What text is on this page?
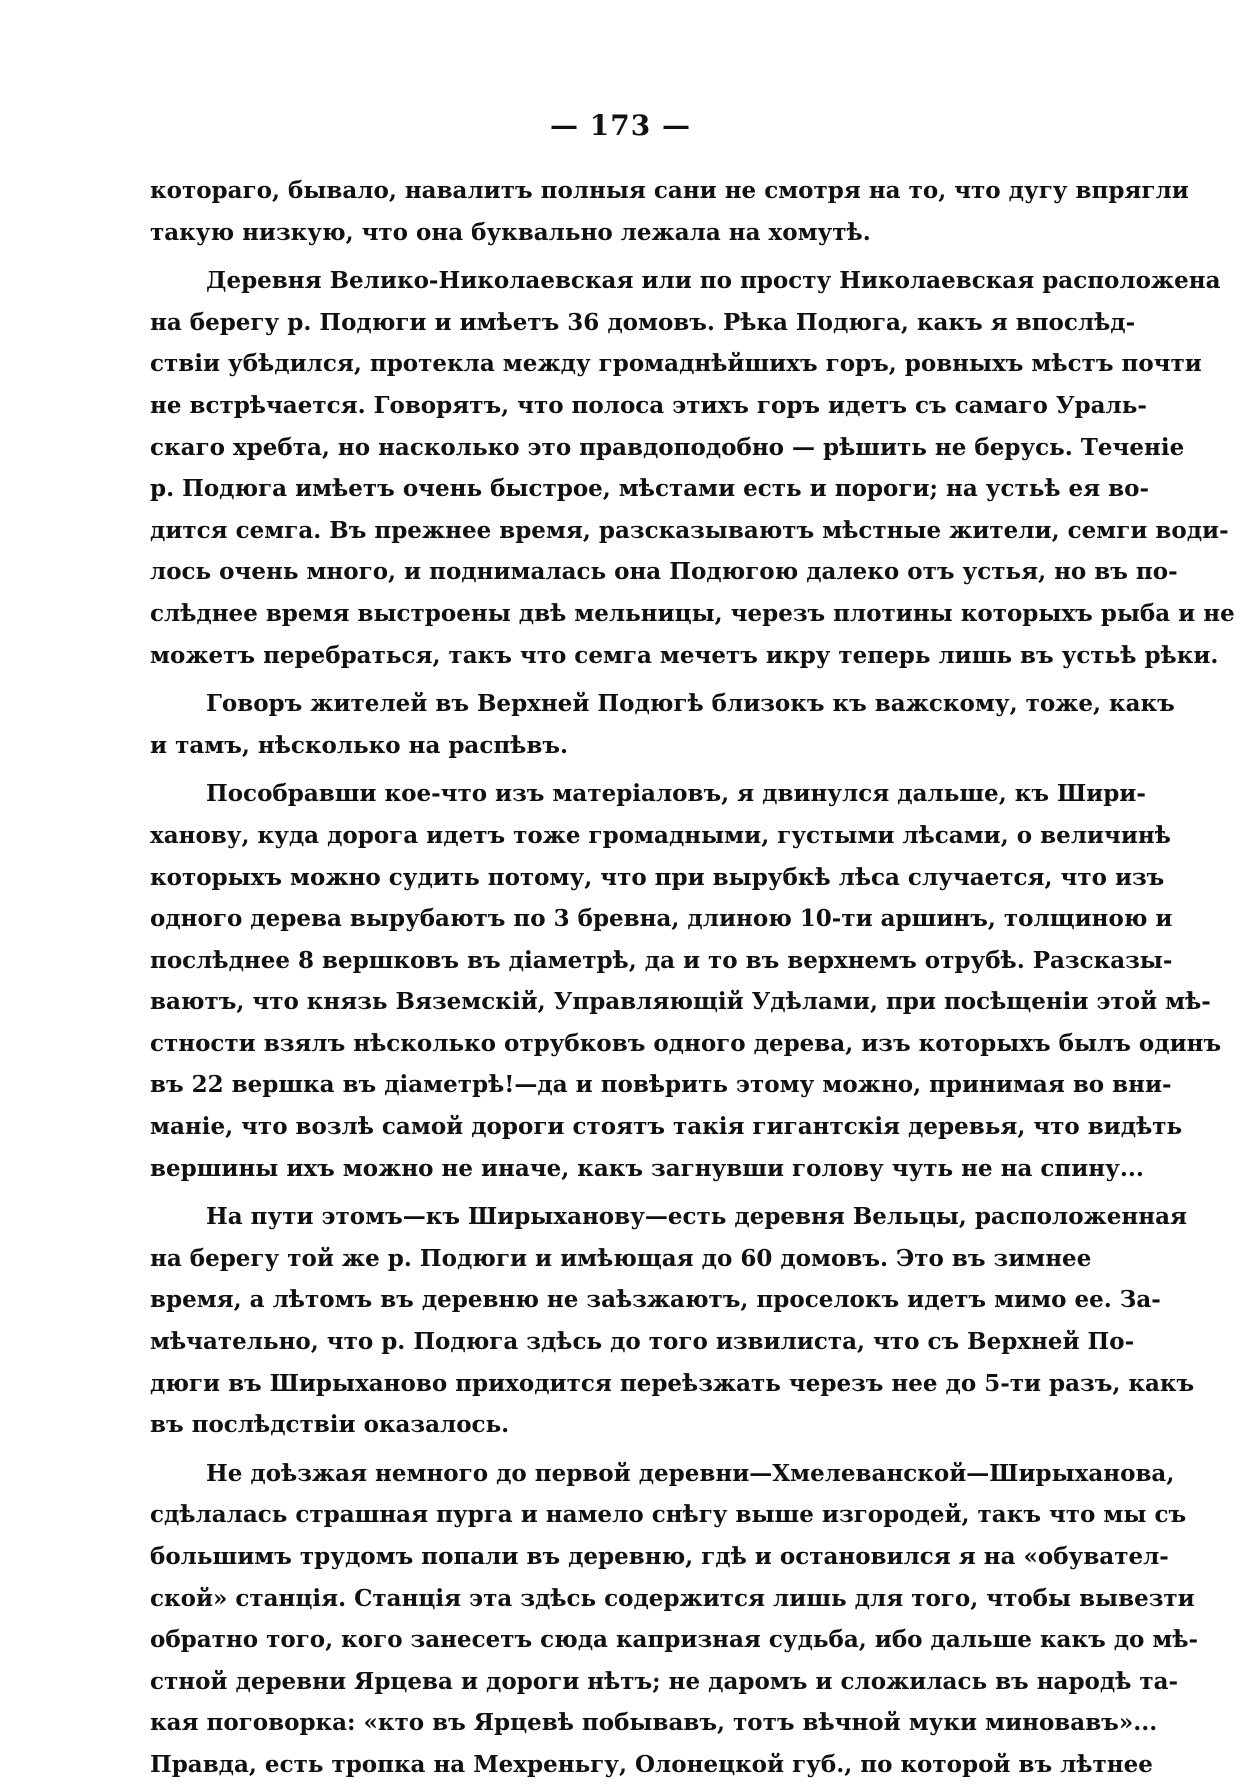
— 173 —
котораго, бывало, навалитъ полныя сани не смотря на то, что дугу впрягли
такую низкую, что она буквально лежала на хомутѣ.
Деревня Велико-Николаевская или по просту Николаевская расположена
на берегу р. Подюги и имѣетъ 36 домовъ. Рѣка Подюга, какъ я впослѣд-
ствіи убѣдился, протекла между громаднѣйшихъ горъ, ровныхъ мѣстъ почти
не встрѣчается. Говорятъ, что полоса этихъ горъ идетъ съ самаго Ураль-
скаго хребта, но насколько это правдоподобно — рѣшить не берусь. Теченіе
р. Подюга имѣетъ очень быстрое, мѣстами есть и пороги; на устьѣ ея во-
дится семга. Въ прежнее время, разсказываютъ мѣстные жители, семги води-
лось очень много, и поднималась она Подюгою далеко отъ устья, но въ по-
слѣднее время выстроены двѣ мельницы, черезъ плотины которыхъ рыба и не
можетъ перебраться, такъ что семга мечетъ икру теперь лишь въ устьѣ рѣки.
Говоръ жителей въ Верхней Подюгѣ близокъ къ важскому, тоже, какъ
и тамъ, нѣсколько на распѣвъ.
Пособравши кое-что изъ матеріаловъ, я двинулся дальше, къ Шири-
ханову, куда дорога идетъ тоже громадными, густыми лѣсами, о величинѣ
которыхъ можно судить потому, что при вырубкѣ лѣса случается, что изъ
одного дерева вырубаютъ по 3 бревна, длиною 10-ти аршинъ, толщиною и
послѣднее 8 вершковъ въ діаметрѣ, да и то въ верхнемъ отрубѣ. Разсказы-
ваютъ, что князь Вяземскій, Управляющій Удѣлами, при посѣщеніи этой мѣ-
стности взялъ нѣсколько отрубковъ одного дерева, изъ которыхъ былъ одинъ
въ 22 вершка въ діаметрѣ!—да и повѣрить этому можно, принимая во вни-
маніе, что возлѣ самой дороги стоятъ такія гигантскія деревья, что видѣть
вершины ихъ можно не иначе, какъ загнувши голову чуть не на спину...
На пути этомъ—къ Ширыханову—есть деревня Вельцы, расположенная
на берегу той же р. Подюги и имѣющая до 60 домовъ. Это въ зимнее
время, а лѣтомъ въ деревню не заѣзжаютъ, проселокъ идетъ мимо ее. За-
мѣчательно, что р. Подюга здѣсь до того извилиста, что съ Верхней По-
дюги въ Ширыханово приходится переѣзжать черезъ нее до 5-ти разъ, какъ
въ послѣдствіи оказалось.
Не доѣзжая немного до первой деревни—Хмелеванской—Ширыханова,
сдѣлалась страшная пурга и намело снѣгу выше изгородей, такъ что мы съ
большимъ трудомъ попали въ деревню, гдѣ и остановился я на «обувател-
ской» станція. Станція эта здѣсь содержится лишь для того, чтобы вывезти
обратно того, кого занесетъ сюда капризная судьба, ибо дальше какъ до мѣ-
стной деревни Ярцева и дороги нѣтъ; не даромъ и сложилась въ народѣ та-
кая поговорка: «кто въ Ярцевѣ побывавъ, тотъ вѣчной муки миновавъ»...
Правда, есть тропка на Мехреньгу, Олонецкой губ., по которой въ лѣтнее
